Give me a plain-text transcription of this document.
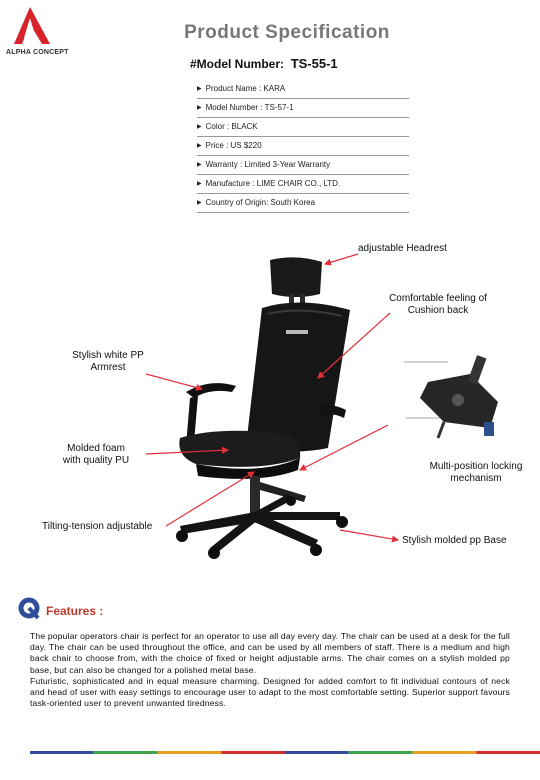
ALPHA CONCEPT
Product Specification
#Model Number: TS-55-1
▶ Product Name : KARA
▶ Model Number : TS-57-1
▶ Color : BLACK
▶ Price : US $220
▶ Warranty : Limited 3-Year Warranty
▶ Manufacture : LIME CHAIR CO., LTD.
▶ Country of Origin: South Korea
adjustable Headrest
Comfortable feeling of
Cushion back
Stylish white PP
Armrest
Molded foam
with quality PU
Multi-position locking
mechanism
Tilting-tension adjustable
Stylish molded pp Base
Features :

The popular operators chair is perfect for an operator to use all day every day. The chair can be used at a desk for the full day. The chair can be used throughout the office, and can be used by all members of staff. There is a medium and high back chair to choose from, with the choice of fixed or height adjustable arms. The chair comes on a stylish molded pp base, but can also be changed for a polished metal base.

Futuristic, sophisticated and in equal measure charming. Designed for added comfort to fit individual contours of neck and head of user with easy settings to encourage user to adapt to the most comfortable setting. Superior support favours task-oriented user to prevent unwanted tiredness.
